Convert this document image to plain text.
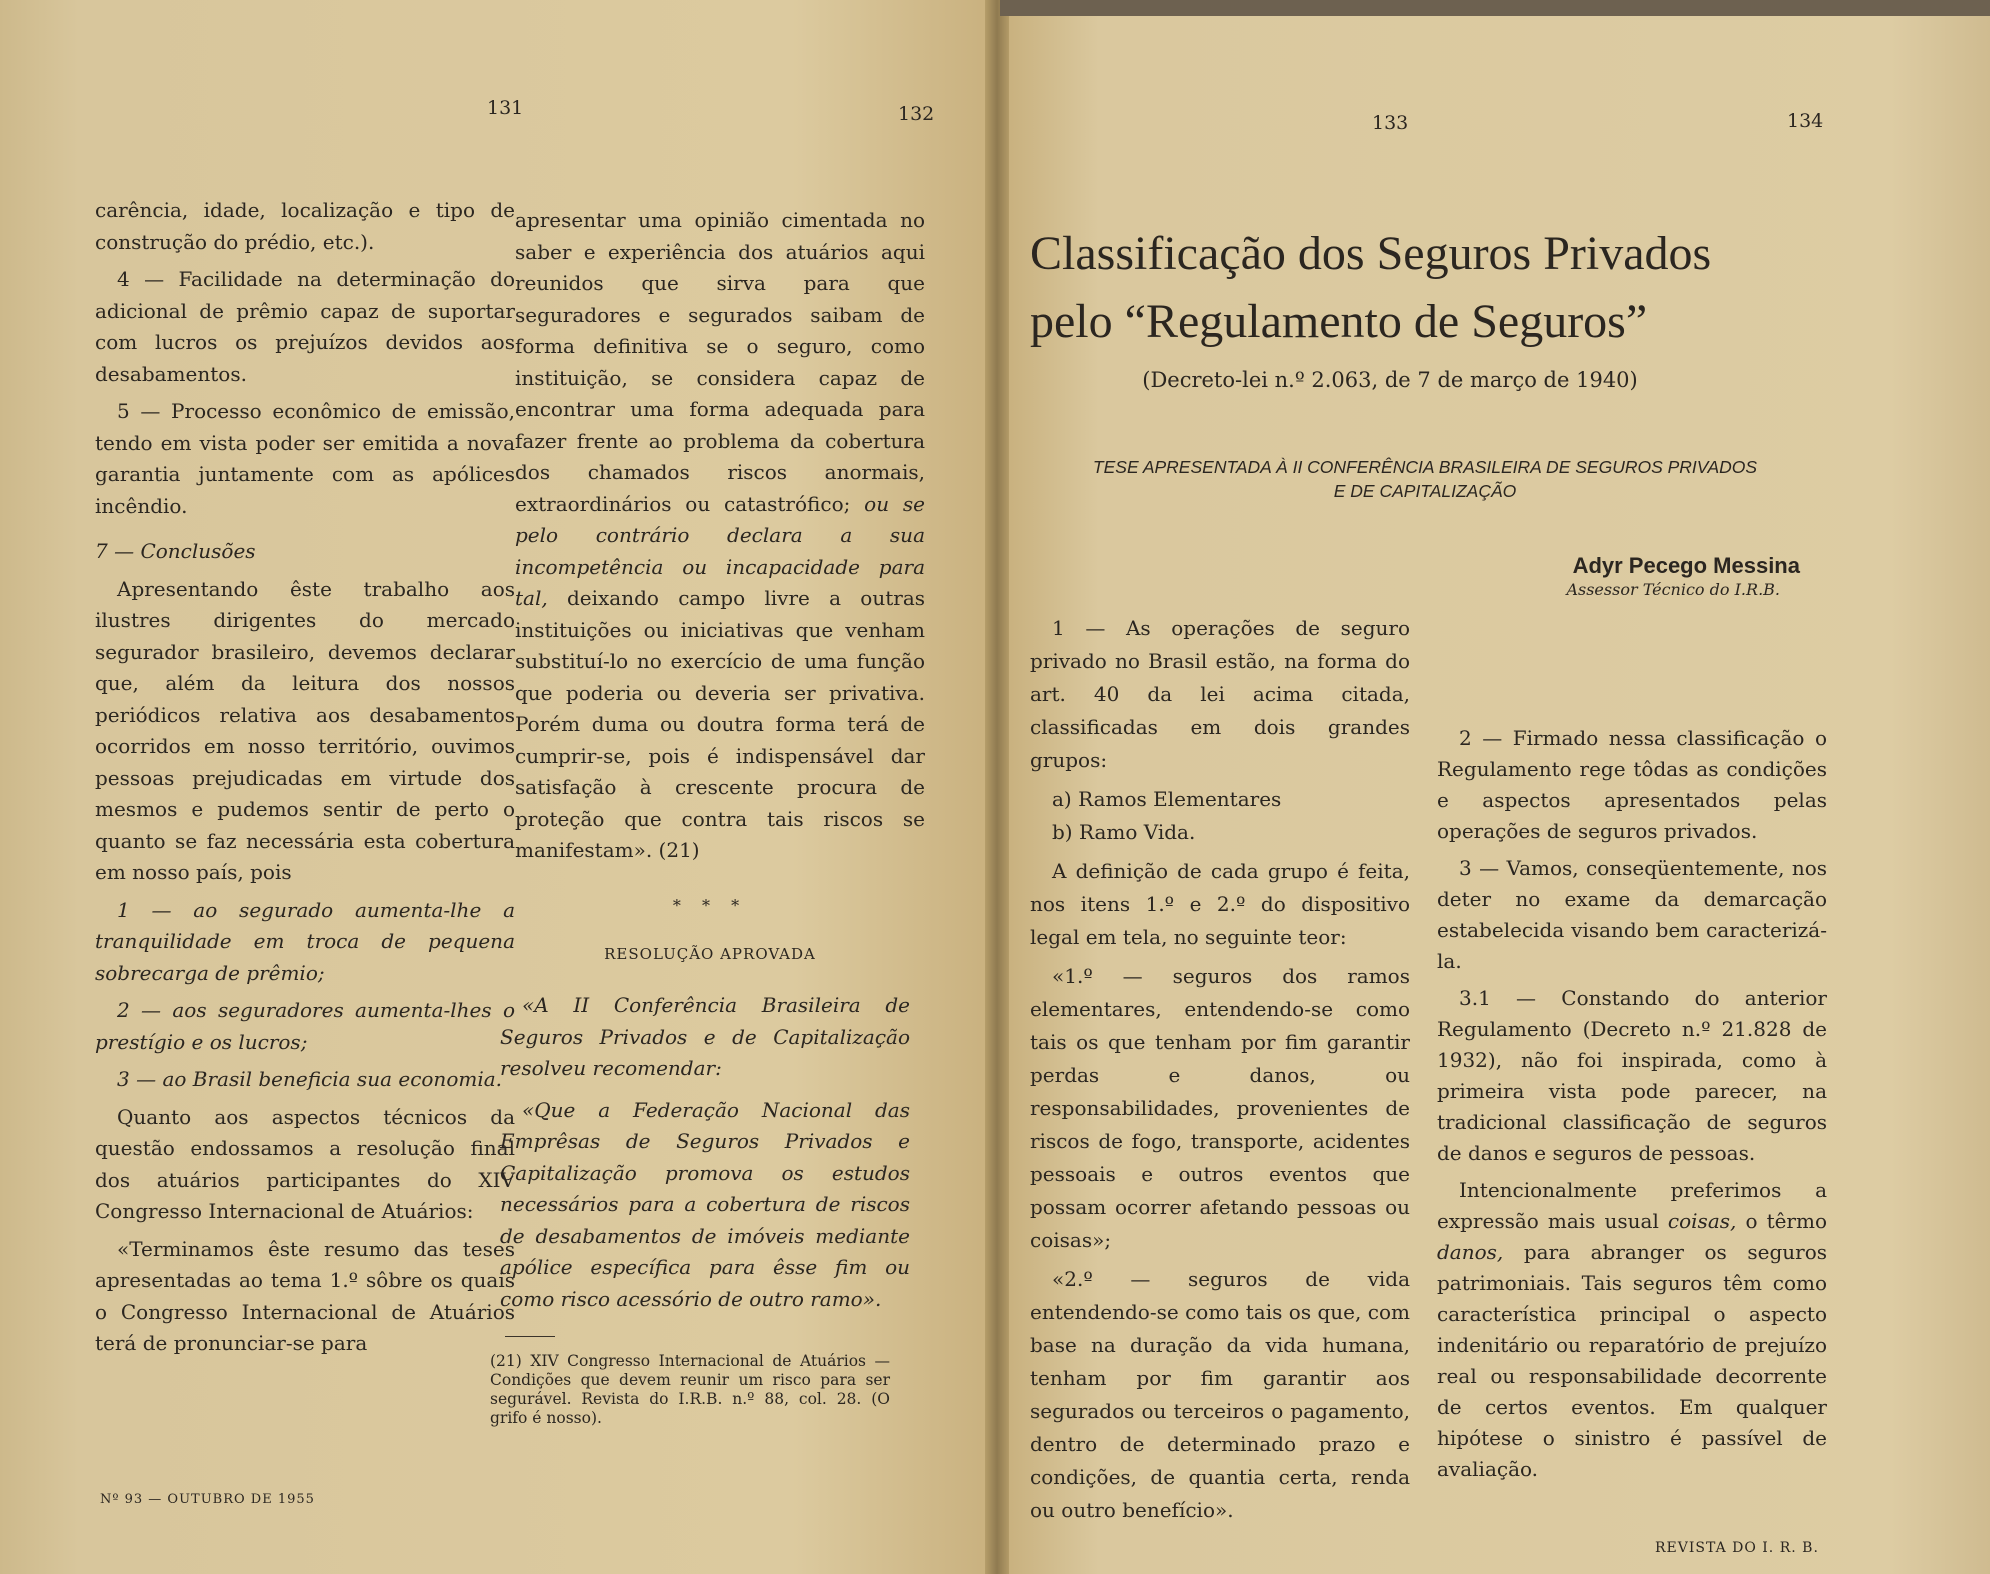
131	132	133	134

carência, idade, localização e tipo de construção do prédio, etc.).

4 — Facilidade na determinação do adicional de prêmio capaz de suportar com lucros os prejuízos devidos aos desabamentos.

5 — Processo econômico de emissão, tendo em vista poder ser emitida a nova garantia juntamente com as apólices incêndio.

7 — Conclusões

Apresentando êste trabalho aos ilustres dirigentes do mercado segurador brasileiro, devemos declarar que, além da leitura dos nossos periódicos relativa aos desabamentos ocorridos em nosso território, ouvimos pessoas prejudicadas em virtude dos mesmos e pudemos sentir de perto o quanto se faz necessária esta cobertura em nosso país, pois

1 — ao segurado aumenta-lhe a tranquilidade em troca de pequena sobrecarga de prêmio;

2 — aos seguradores aumenta-lhes o prestígio e os lucros;

3 — ao Brasil beneficia sua economia.

Quanto aos aspectos técnicos da questão endossamos a resolução final dos atuários participantes do XIV Congresso Internacional de Atuários:

«Terminamos êste resumo das teses apresentadas ao tema 1.º sôbre os quais o Congresso Internacional de Atuários terá de pronunciar-se para

apresentar uma opinião cimentada no saber e experiência dos atuários aqui reunidos que sirva para que seguradores e segurados saibam de forma definitiva se o seguro, como instituição, se considera capaz de encontrar uma forma adequada para fazer frente ao problema da cobertura dos chamados riscos anormais, extraordinários ou catastrófico; ou se pelo contrário declara a sua incompetência ou incapacidade para tal, deixando campo livre a outras instituições ou iniciativas que venham substituí-lo no exercício de uma função que poderia ou deveria ser privativa. Porém duma ou doutra forma terá de cumprir-se, pois é indispensável dar satisfação à crescente procura de proteção que contra tais riscos se manifestam». (21)

* * *
RESOLUÇÃO APROVADA

«A II Conferência Brasileira de Seguros Privados e de Capitalização resolveu recomendar:

«Que a Federação Nacional das Emprêsas de Seguros Privados e Capitalização promova os estudos necessários para a cobertura de riscos de desabamentos de imóveis mediante apólice específica para êsse fim ou como risco acessório de outro ramo».

(21) XIV Congresso Internacional de Atuários — Condições que devem reunir um risco para ser segurável. Revista do I.R.B. n.º 88, col. 28. (O grifo é nosso).
Classificação dos Seguros Privados
pelo “Regulamento de Seguros”
(Decreto-lei n.º 2.063, de 7 de março de 1940)
TESE APRESENTADA À II CONFERÊNCIA BRASILEIRA DE SEGUROS PRIVADOS
E DE CAPITALIZAÇÃO
Adyr Pecego Messina
Assessor Técnico do I.R.B.

1 — As operações de seguro privado no Brasil estão, na forma do art. 40 da lei acima citada, classificadas em dois grandes grupos:

a) Ramos Elementares

b) Ramo Vida.

A definição de cada grupo é feita, nos itens 1.º e 2.º do dispositivo legal em tela, no seguinte teor:

«1.º — seguros dos ramos elementares, entendendo-se como tais os que tenham por fim garantir perdas e danos, ou responsabilidades, provenientes de riscos de fogo, transporte, acidentes pessoais e outros eventos que possam ocorrer afetando pessoas ou coisas»;

«2.º — seguros de vida entendendo-se como tais os que, com base na duração da vida humana, tenham por fim garantir aos segurados ou terceiros o pagamento, dentro de determinado prazo e condições, de quantia certa, renda ou outro benefício».

2 — Firmado nessa classificação o Regulamento rege tôdas as condições e aspectos apresentados pelas operações de seguros privados.

3 — Vamos, conseqüentemente, nos deter no exame da demarcação estabelecida visando bem caracterizá-la.

3.1 — Constando do anterior Regulamento (Decreto n.º 21.828 de 1932), não foi inspirada, como à primeira vista pode parecer, na tradicional classificação de seguros de danos e seguros de pessoas.

Intencionalmente preferimos a expressão mais usual coisas, o têrmo danos, para abranger os seguros patrimoniais. Tais seguros têm como característica principal o aspecto indenitário ou reparatório de prejuízo real ou responsabilidade decorrente de certos eventos. Em qualquer hipótese o sinistro é passível de avaliação.

Nº 93 — OUTUBRO DE 1955
REVISTA DO I. R. B.
